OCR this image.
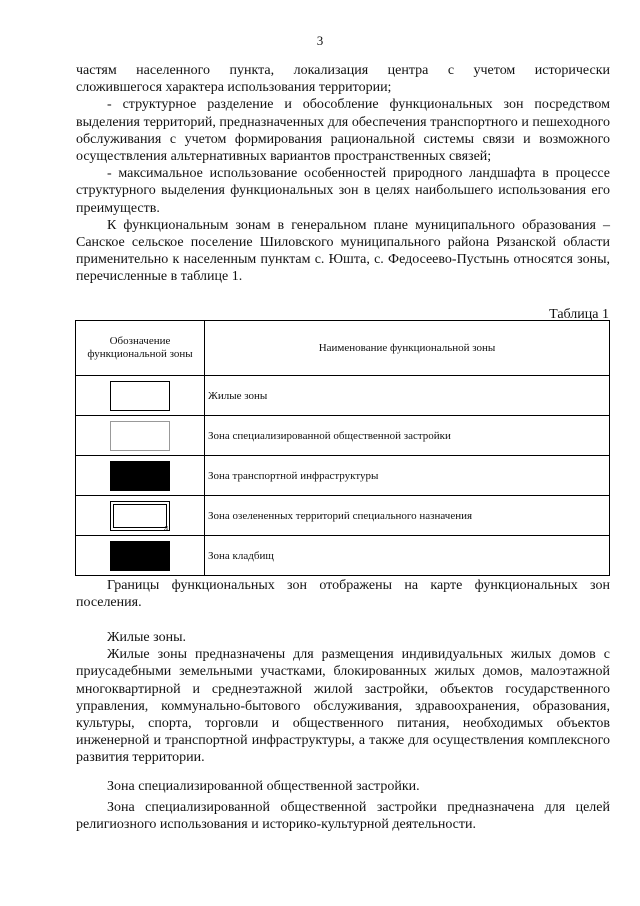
3
частям населенного пункта, локализация центра с учетом исторически
сложившегося характера использования территории;
- структурное разделение и обособление функциональных зон посредством выделения территорий, предназначенных для обеспечения транспортного и пешеходного обслуживания с учетом формирования рациональной системы связи и возможного осуществления альтернативных вариантов пространственных связей;
- максимальное использование особенностей природного ландшафта в процессе структурного выделения функциональных зон в целях наибольшего использования его преимуществ.
К функциональным зонам в генеральном плане муниципального образования – Санское сельское поселение Шиловского муниципального района Рязанской области применительно к населенным пунктам с. Юшта, с. Федосеево-Пустынь относятся зоны, перечисленные в таблице 1.
Таблица 1
Обозначение функциональной зоны	Наименование функциональной зоны

	Жилые зоны

	Зона специализированной общественной застройки

	Зона транспортной инфраструктуры

л	Зона озелененных территорий специального назначения

	Зона кладбищ
Границы функциональных зон отображены на карте функциональных зон поселения.
Жилые зоны.
Жилые зоны предназначены для размещения индивидуальных жилых домов с приусадебными земельными участками, блокированных жилых домов, малоэтажной многоквартирной и среднеэтажной жилой застройки, объектов государственного управления, коммунально-бытового обслуживания, здравоохранения, образования, культуры, спорта, торговли и общественного питания, необходимых объектов инженерной и транспортной инфраструктуры, а также для осуществления комплексного развития территории.
Зона специализированной общественной застройки.
Зона специализированной общественной застройки предназначена для целей религиозного использования и историко-культурной деятельности.
